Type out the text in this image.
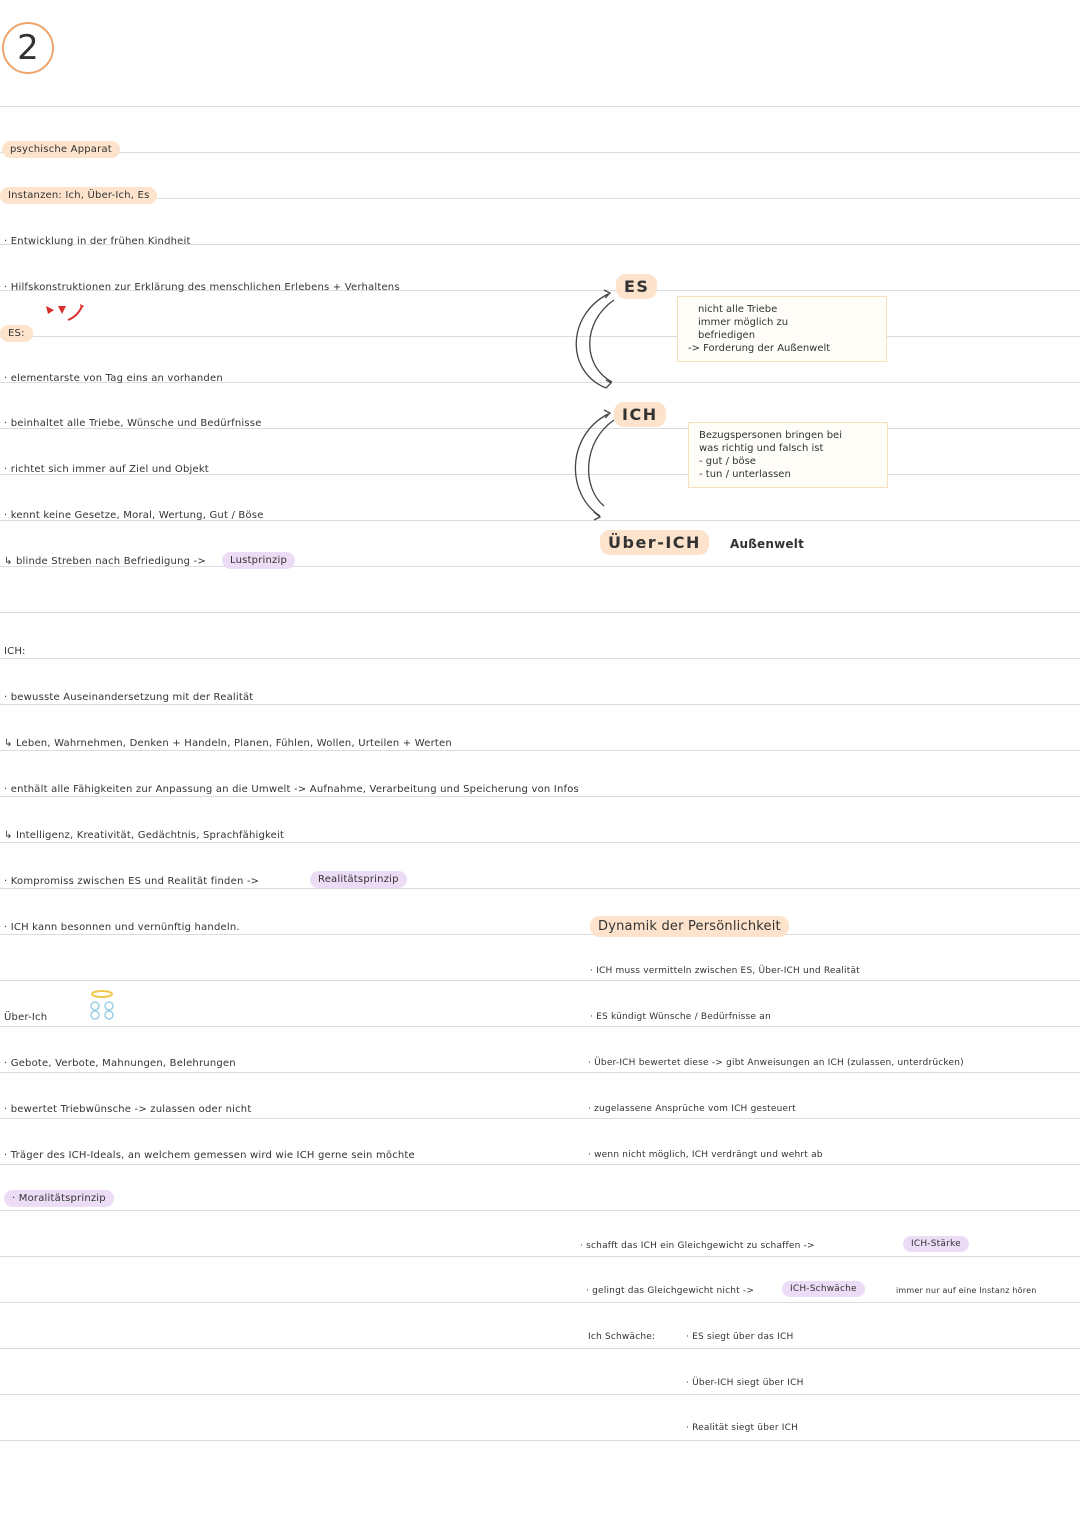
2
psychische Apparat
Instanzen: Ich, Über-Ich, Es
· Entwicklung in der frühen Kindheit
· Hilfskonstruktionen zur Erklärung des menschlichen Erlebens + Verhaltens
ES:
· elementarste von Tag eins an vorhanden
· beinhaltet alle Triebe, Wünsche und Bedürfnisse
· richtet sich immer auf Ziel und Objekt
· kennt keine Gesetze, Moral, Wertung, Gut / Böse
↳ blinde Streben nach Befriedigung ->	Lustprinzip
ICH:
· bewusste Auseinandersetzung mit der Realität
↳ Leben, Wahrnehmen, Denken + Handeln, Planen, Fühlen, Wollen, Urteilen + Werten
· enthält alle Fähigkeiten zur Anpassung an die Umwelt -> Aufnahme, Verarbeitung und Speicherung von Infos
↳ Intelligenz, Kreativität, Gedächtnis, Sprachfähigkeit
· Kompromiss zwischen ES und Realität finden ->	Realitätsprinzip
· ICH kann besonnen und vernünftig handeln.
Über-Ich
· Gebote, Verbote, Mahnungen, Belehrungen
· bewertet Triebwünsche -> zulassen oder nicht
· Träger des ICH-Ideals, an welchem gemessen wird wie ICH gerne sein möchte
· Moralitätsprinzip
ES
nicht alle Triebe
immer möglich zu
befriedigen
-> Forderung der Außenwelt
ICH
Bezugspersonen bringen bei
was richtig und falsch ist
- gut / böse
- tun / unterlassen
Über-ICH	Außenwelt
Dynamik der Persönlichkeit
· ICH muss vermitteln zwischen ES, Über-ICH und Realität
· ES kündigt Wünsche / Bedürfnisse an
· Über-ICH bewertet diese -> gibt Anweisungen an ICH (zulassen, unterdrücken)
· zugelassene Ansprüche vom ICH gesteuert
· wenn nicht möglich, ICH verdrängt und wehrt ab
· schafft das ICH ein Gleichgewicht zu schaffen ->	ICH-Stärke
· gelingt das Gleichgewicht nicht ->	ICH-Schwäche	immer nur auf eine Instanz hören
Ich Schwäche:	· ES siegt über das ICH
· Über-ICH siegt über ICH
· Realität siegt über ICH
